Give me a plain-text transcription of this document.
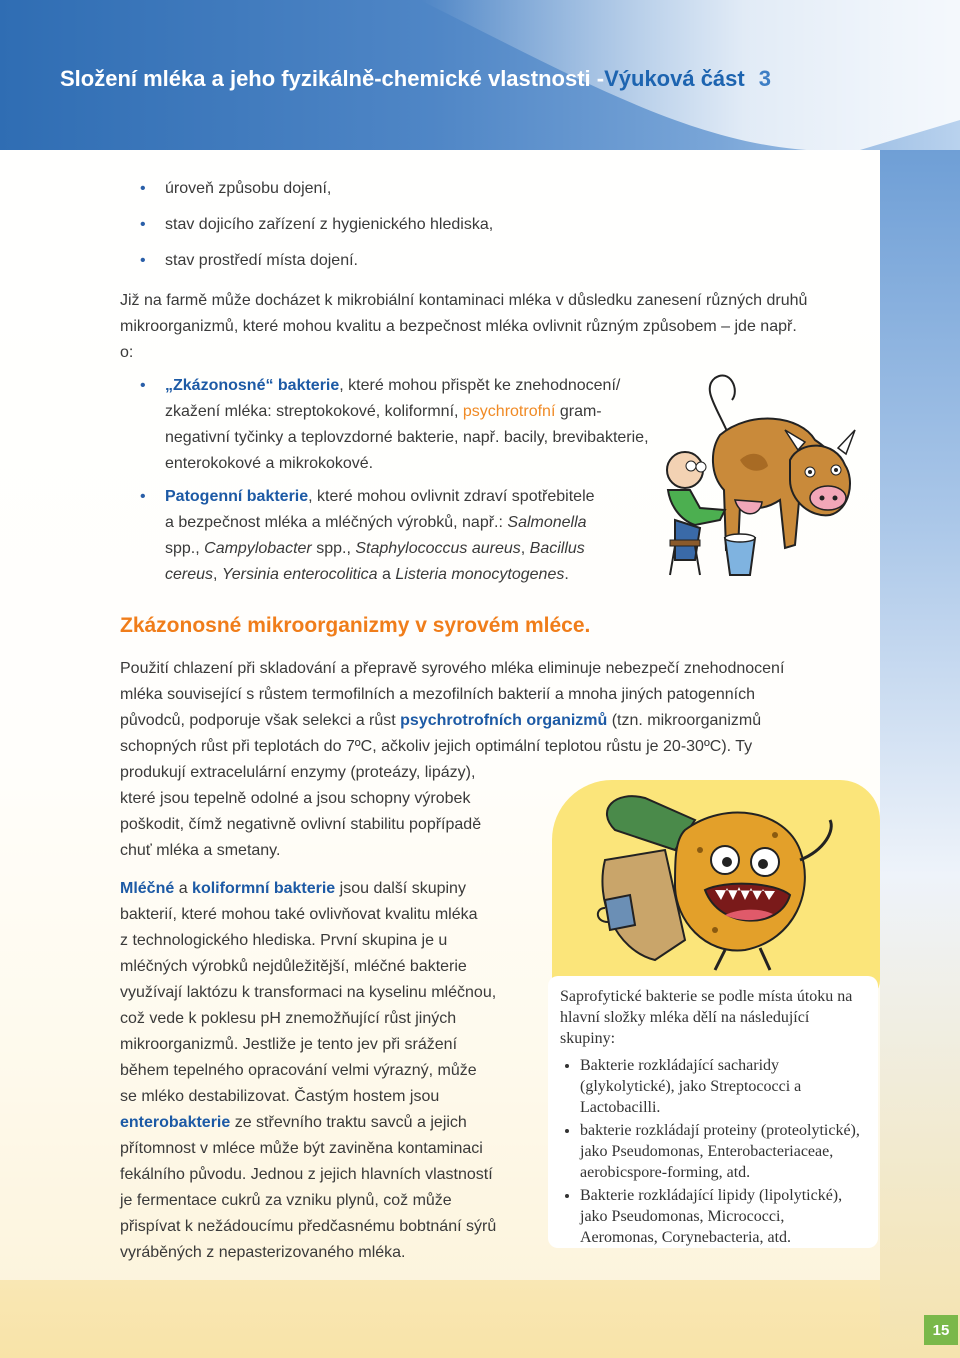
Složení mléka a jeho fyzikálně-chemické vlastnosti -Výuková část 3
• úroveň způsobu dojení,
• stav dojicího zařízení z hygienického hlediska,
• stav prostředí místa dojení.
Již na farmě může docházet k mikrobiální kontaminaci mléka v důsledku zanesení různých druhů
mikroorganizmů, které mohou kvalitu a bezpečnost mléka ovlivnit různým způsobem – jde např.
o:
• „Zkázonosné“ bakterie, které mohou přispět ke znehodnocení/
zkažení mléka: streptokokové, koliformní, psychrotrofní gram-
negativní tyčinky a teplovzdorné bakterie, např. bacily, brevibakterie,
enterokokové a mikrokokové.
• Patogenní bakterie, které mohou ovlivnit zdraví spotřebitele
a bezpečnost mléka a mléčných výrobků, např.: Salmonella
spp., Campylobacter spp., Staphylococcus aureus, Bacillus
cereus, Yersinia enterocolitica a Listeria monocytogenes.
Zkázonosné mikroorganizmy v syrovém mléce.
Použití chlazení při skladování a přepravě syrového mléka eliminuje nebezpečí znehodnocení
mléka související s růstem termofilních a mezofilních bakterií a mnoha jiných patogenních
původců, podporuje však selekci a růst psychrotrofních organizmů (tzn. mikroorganizmů
schopných růst při teplotách do 7ºC, ačkoliv jejich optimální teplotou růstu je 20-30ºC). Ty
produkují extracelulární enzymy (proteázy, lipázy),
které jsou tepelně odolné a jsou schopny výrobek
poškodit, čímž negativně ovlivní stabilitu popřípadě
chuť mléka a smetany.
Mléčné a koliformní bakterie jsou další skupiny
bakterií, které mohou také ovlivňovat kvalitu mléka
z technologického hlediska. První skupina je u
mléčných výrobků nejdůležitější, mléčné bakterie
využívají laktózu k transformaci na kyselinu mléčnou,
což vede k poklesu pH znemožňující růst jiných
mikroorganizmů. Jestliže je tento jev při srážení
během tepelného opracování velmi výrazný, může
se mléko destabilizovat. Častým hostem jsou
enterobakterie ze střevního traktu savců a jejich
přítomnost v mléce může být zaviněna kontaminaci
fekálního původu. Jednou z jejich hlavních vlastností
je fermentace cukrů za vzniku plynů, což může
přispívat k nežádoucímu předčasnému bobtnání sýrů
vyráběných z nepasterizovaného mléka.
Saprofytické bakterie se podle místa útoku na hlavní složky mléka dělí na následující skupiny:
• Bakterie rozkládající sacharidy (glykolytické), jako Streptococci a Lactobacilli.
• bakterie rozkládají proteiny (proteolytické), jako Pseudomonas, Enterobacteriaceae, aerobicspore-forming, atd.
• Bakterie rozkládající lipidy (lipolytické), jako Pseudomonas, Micrococci, Aeromonas, Corynebacteria, atd.
15
